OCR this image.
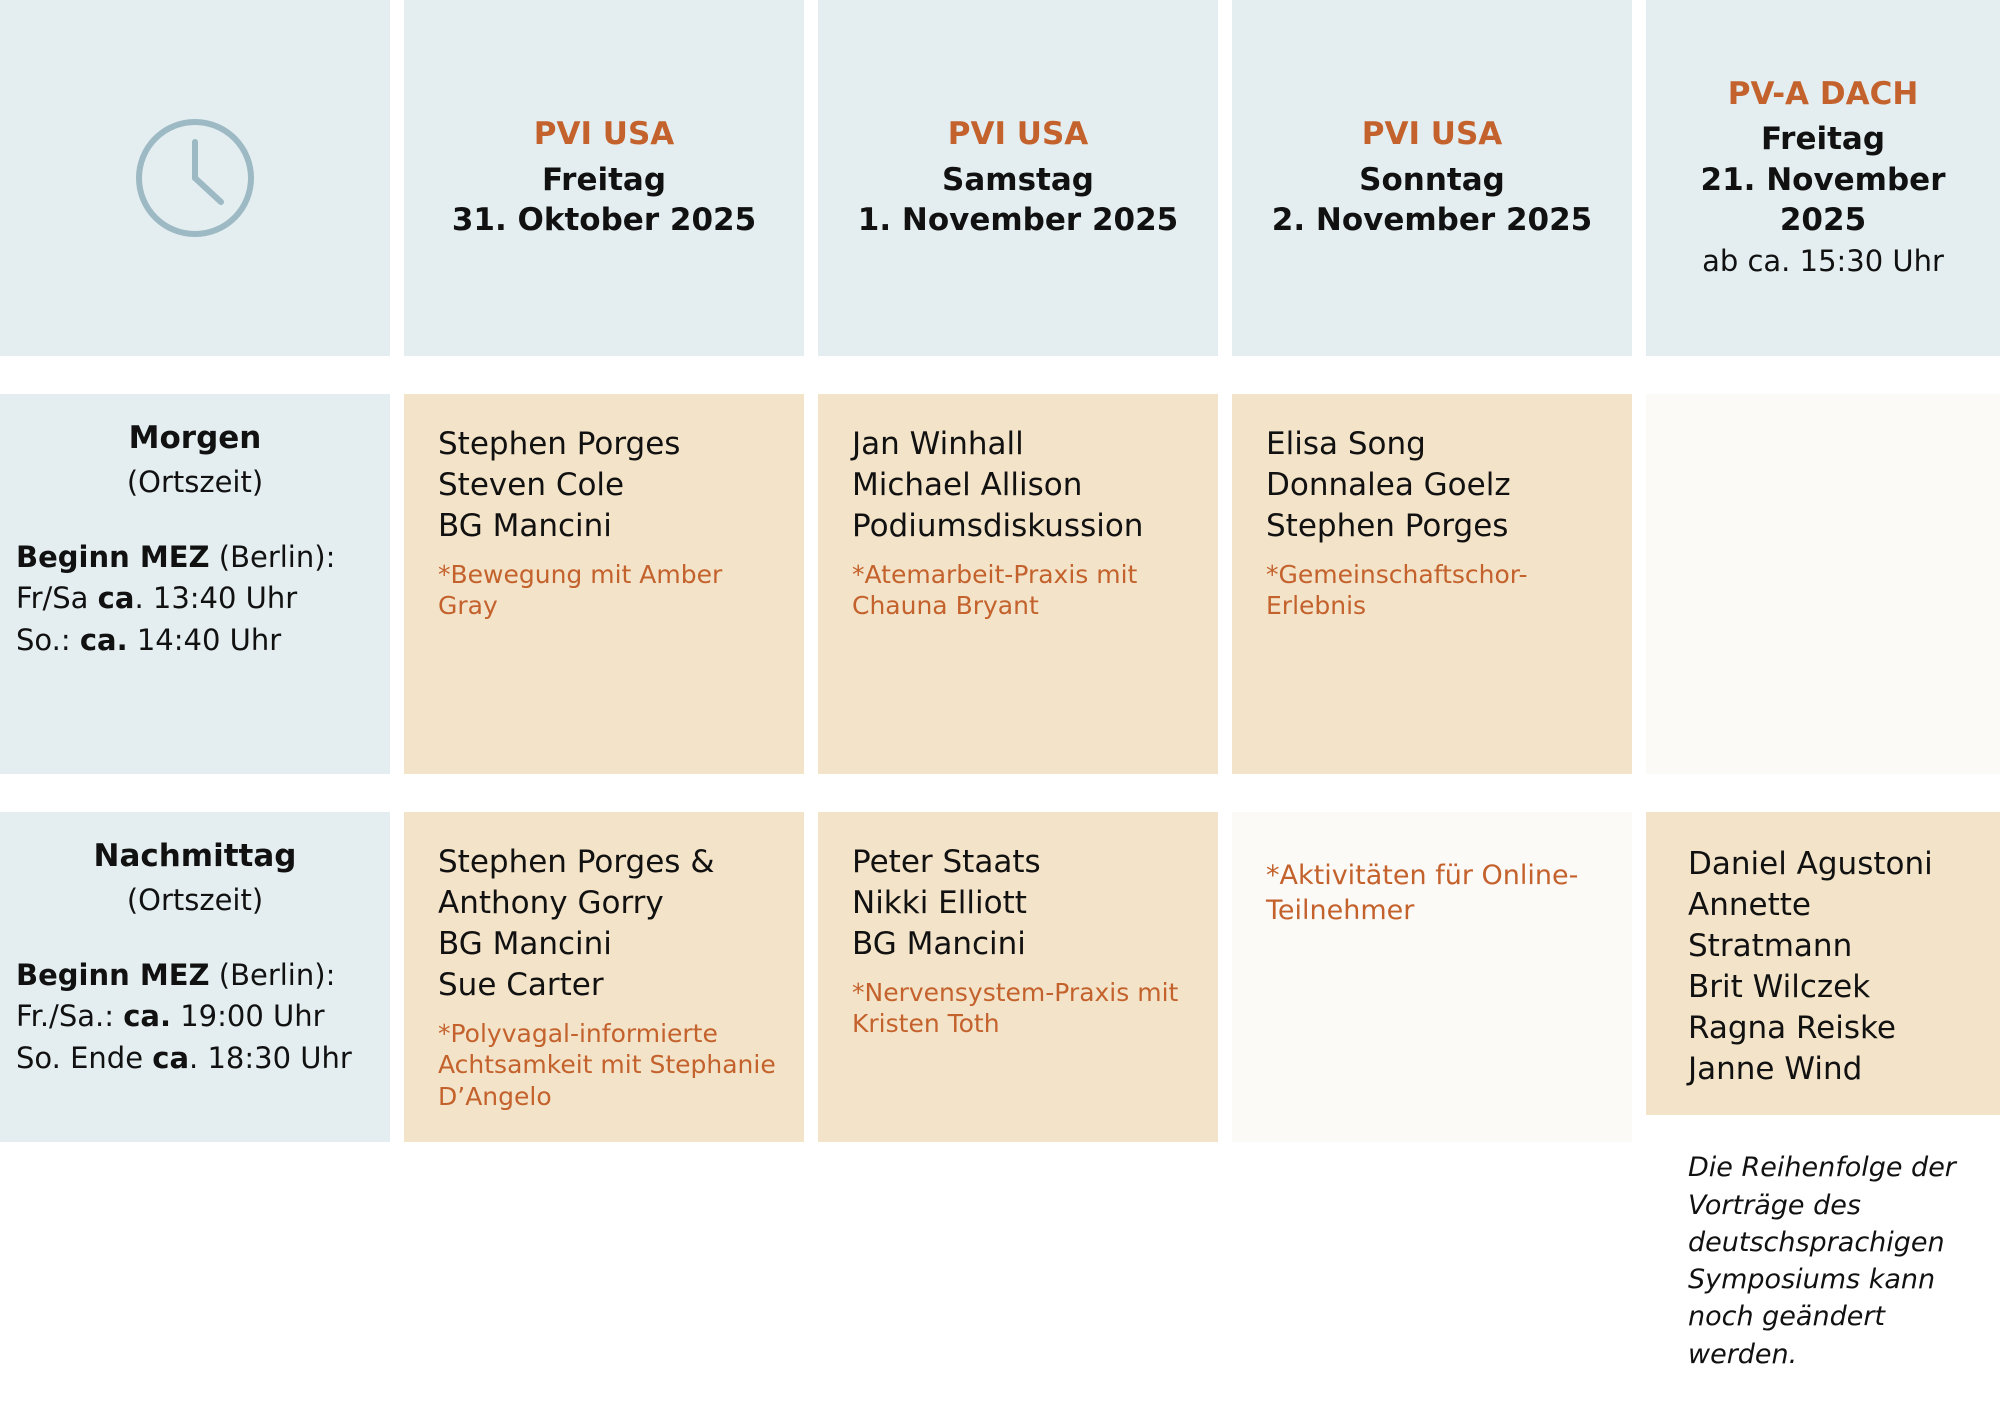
PVI USA
Freitag
31. Oktober 2025
PVI USA
Samstag
1. November 2025
PVI USA
Sonntag
2. November 2025
PV-A DACH
Freitag
21. November 2025
ab ca. 15:30 Uhr
Morgen
(Ortszeit)
Beginn MEZ (Berlin):
Fr/Sa ca. 13:40 Uhr
So.: ca. 14:40 Uhr
Stephen Porges
Steven Cole
BG Mancini
*Bewegung mit Amber Gray
Jan Winhall
Michael Allison
Podiumsdiskussion
*Atemarbeit-Praxis mit Chauna Bryant
Elisa Song
Donnalea Goelz
Stephen Porges
*Gemeinschaftschor-Erlebnis
Nachmittag
(Ortszeit)
Beginn MEZ (Berlin):
Fr./Sa.: ca. 19:00 Uhr
So. Ende ca. 18:30 Uhr
Stephen Porges &
Anthony Gorry
BG Mancini
Sue Carter
*Polyvagal-informierte Achtsamkeit mit Stephanie D’Angelo
Peter Staats
Nikki Elliott
BG Mancini
*Nervensystem-Praxis mit Kristen Toth
*Aktivitäten für Online-Teilnehmer
Daniel Agustoni
Annette Stratmann
Brit Wilczek
Ragna Reiske
Janne Wind
Die Reihenfolge der Vorträge des deutschsprachigen Symposiums kann noch geändert werden.
